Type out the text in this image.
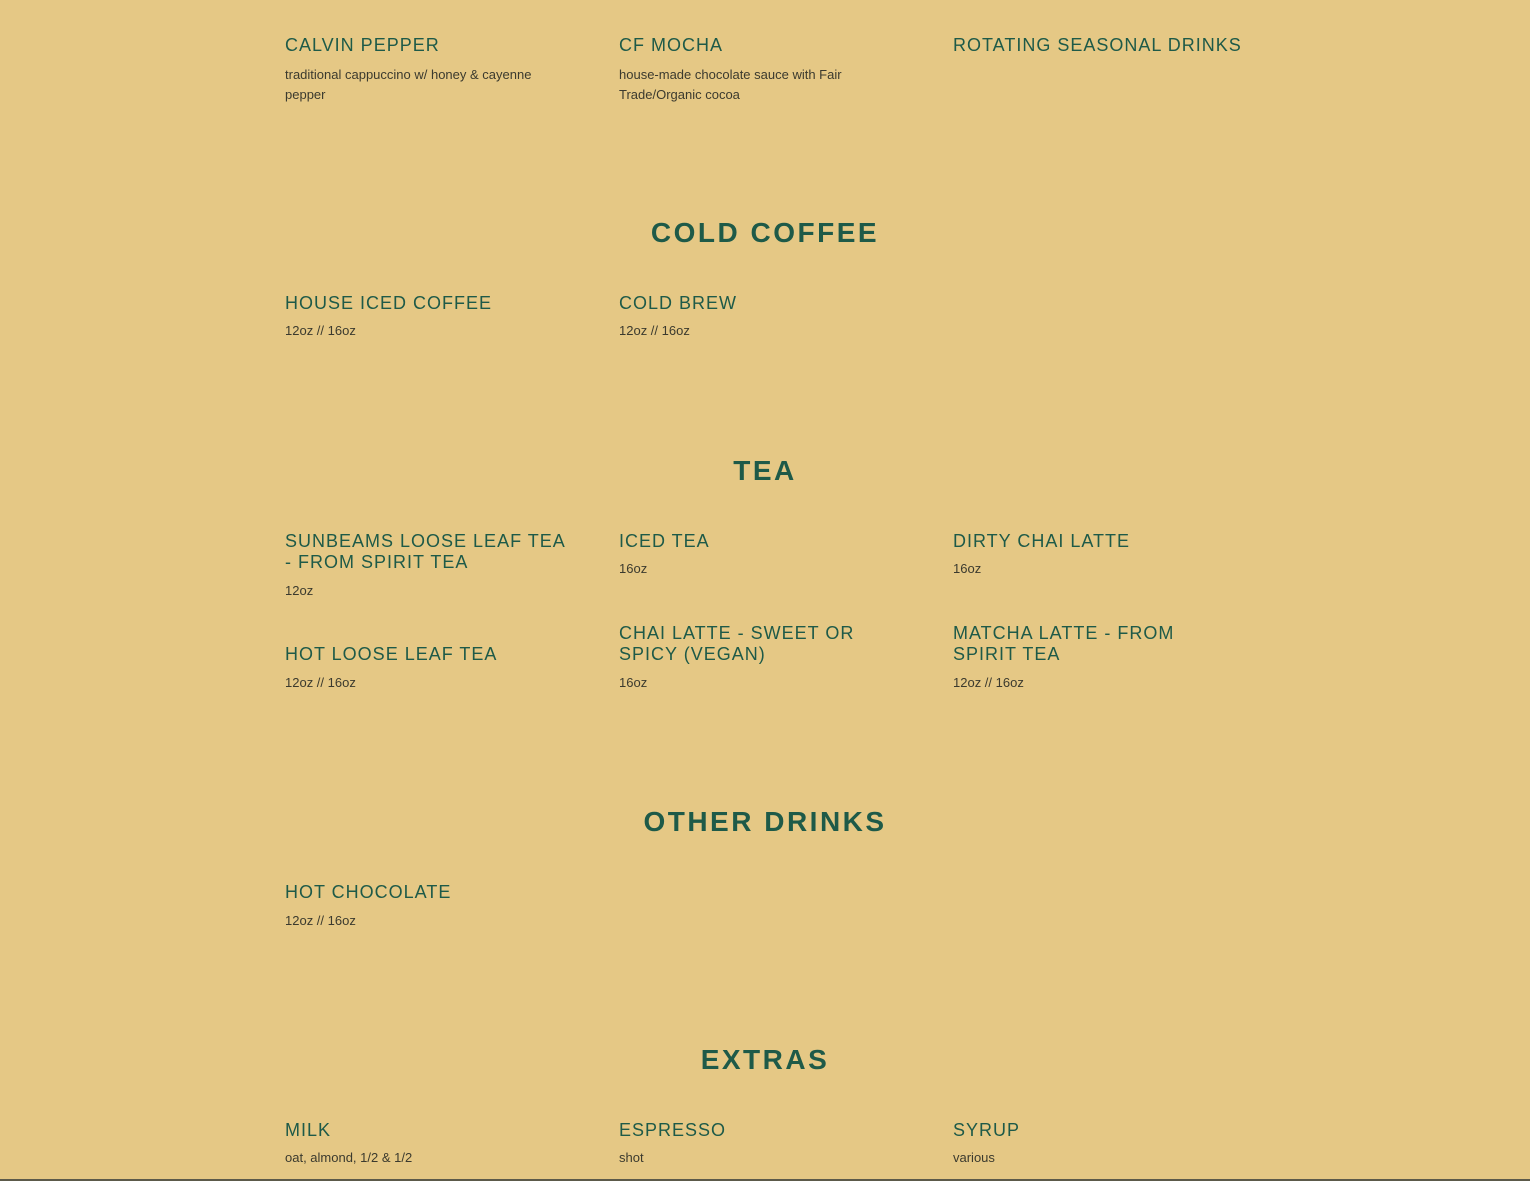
CALVIN PEPPER

traditional cappuccino w/ honey & cayenne pepper

CF MOCHA

house-made chocolate sauce with Fair Trade/Organic cocoa

ROTATING SEASONAL DRINKS
COLD COFFEE
HOUSE ICED COFFEE

12oz // 16oz

COLD BREW

12oz // 16oz

TEA
SUNBEAMS LOOSE LEAF TEA - FROM SPIRIT TEA

12oz

ICED TEA

16oz

DIRTY CHAI LATTE

16oz

HOT LOOSE LEAF TEA

12oz // 16oz

CHAI LATTE - SWEET OR SPICY (VEGAN)

16oz

MATCHA LATTE - FROM SPIRIT TEA

12oz // 16oz

OTHER DRINKS
HOT CHOCOLATE

12oz // 16oz

EXTRAS
MILK

oat, almond, 1/2 & 1/2

ESPRESSO

shot

SYRUP

various
